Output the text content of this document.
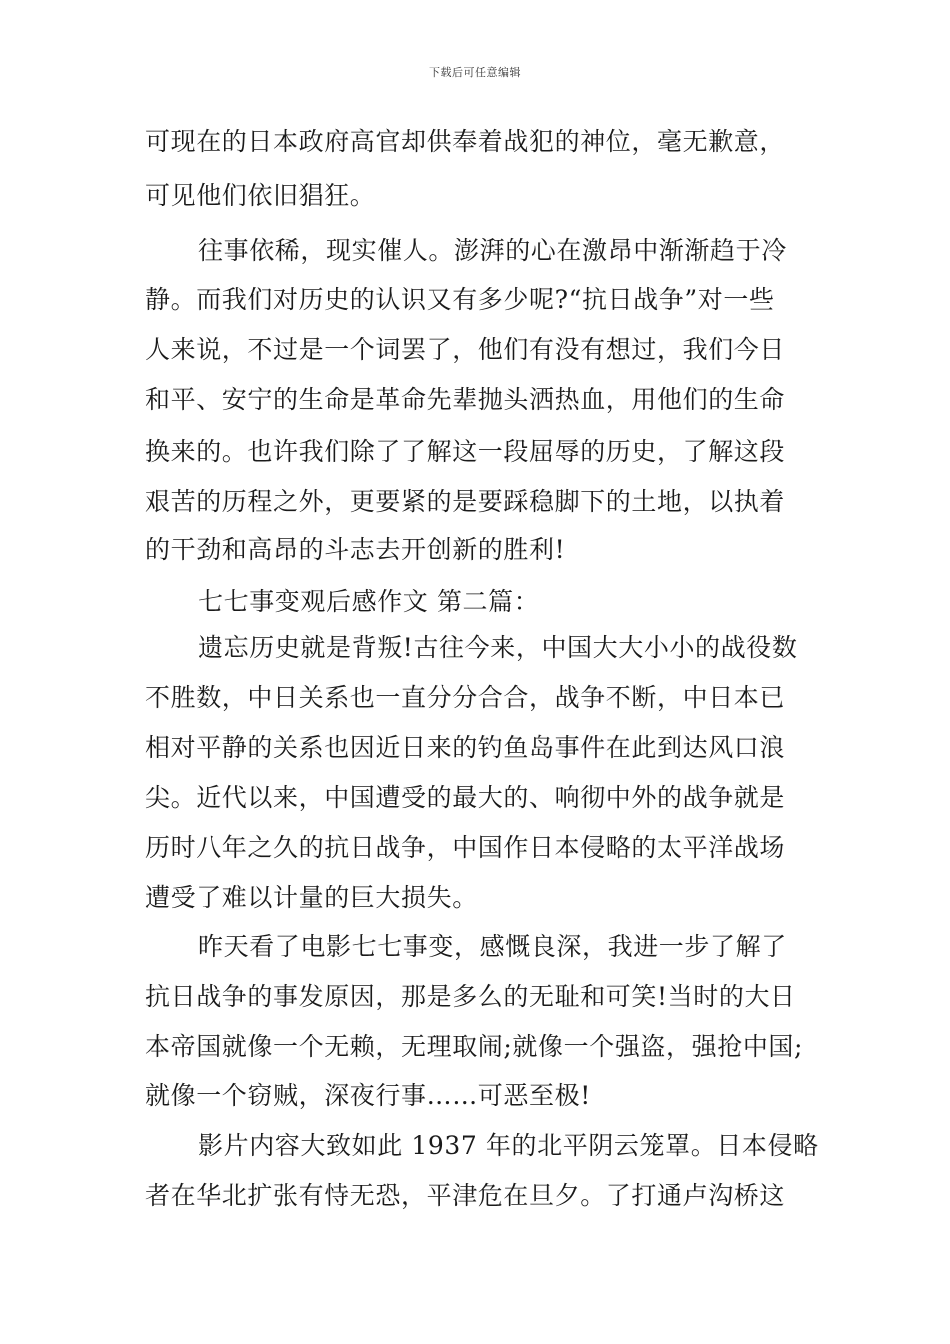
下载后可任意编辑
可现在的日本政府高官却供奉着战犯的神位，毫无歉意，
可见他们依旧猖狂。
往事依稀，现实催人。澎湃的心在激昂中渐渐趋于冷
静。而我们对历史的认识又有多少呢?“抗日战争”对一些
人来说，不过是一个词罢了，他们有没有想过，我们今日
和平、安宁的生命是革命先辈抛头洒热血，用他们的生命
换来的。也许我们除了了解这一段屈辱的历史，了解这段
艰苦的历程之外，更要紧的是要踩稳脚下的土地，以执着
的干劲和高昂的斗志去开创新的胜利!
七七事变观后感作文 第二篇：
遗忘历史就是背叛!古往今来，中国大大小小的战役数
不胜数，中日关系也一直分分合合，战争不断，中日本已
相对平静的关系也因近日来的钓鱼岛事件在此到达风口浪
尖。近代以来，中国遭受的最大的、响彻中外的战争就是
历时八年之久的抗日战争，中国作日本侵略的太平洋战场
遭受了难以计量的巨大损失。
昨天看了电影七七事变，感慨良深，我进一步了解了
抗日战争的事发原因，那是多么的无耻和可笑!当时的大日
本帝国就像一个无赖，无理取闹;就像一个强盗，强抢中国;
就像一个窃贼，深夜行事……可恶至极!
影片内容大致如此 1937 年的北平阴云笼罩。日本侵略
者在华北扩张有恃无恐，平津危在旦夕。了打通卢沟桥这
